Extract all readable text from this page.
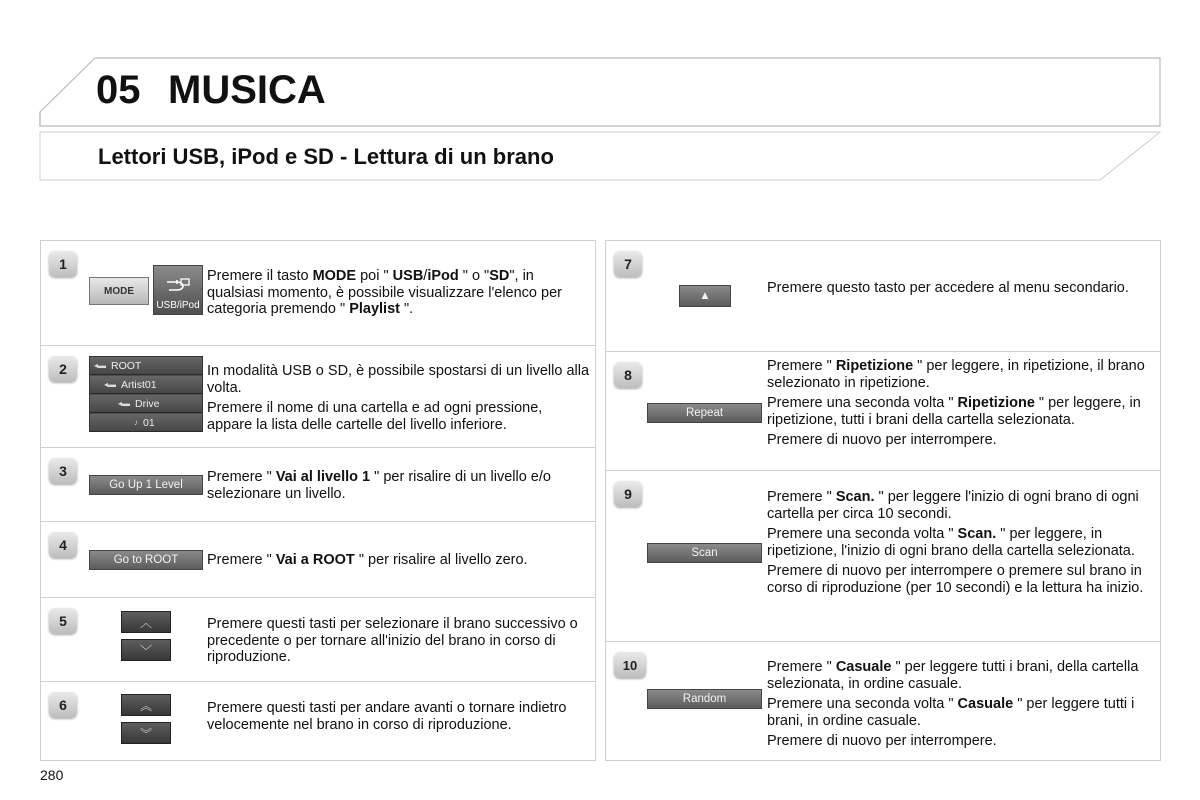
05 MUSICA
Lettori USB, iPod e SD - Lettura di un brano
1
MODE
USB/iPod

Premere il tasto MODE poi " USB/iPod " o "SD", in qualsiasi momento, è possibile visualizzare l'elenco per categoria premendo " Playlist ".

2	◂▬ ROOT
◂▬ Artist01
◂▬ Drive
♪ 01

In modalità USB o SD, è possibile spostarsi di un livello alla volta.

Premere il nome di una cartella e ad ogni pressione, appare la lista delle cartelle del livello inferiore.

3
Go Up 1 Level	Premere " Vai al livello 1 " per risalire di un livello e/o selezionare un livello.

4
Go to ROOT	Premere " Vai a ROOT " per risalire al livello zero.

5	︿
﹀

Premere questi tasti per selezionare il brano successivo o precedente o per tornare all'inizio del brano in corso di riproduzione.

6	︽
︾

Premere questi tasti per andare avanti o tornare indietro velocemente nel brano in corso di riproduzione.

7
▲	Premere questo tasto per accedere al menu secondario.

8
Repeat

Premere " Ripetizione " per leggere, in ripetizione, il brano selezionato in ripetizione.

Premere una seconda volta " Ripetizione " per leggere, in ripetizione, tutti i brani della cartella selezionata.

Premere di nuovo per interrompere.

9
Scan

Premere " Scan. " per leggere l'inizio di ogni brano di ogni cartella per circa 10 secondi.

Premere una seconda volta " Scan. " per leggere, in ripetizione, l'inizio di ogni brano della cartella selezionata.

Premere di nuovo per interrompere o premere sul brano in corso di riproduzione (per 10 secondi) e la lettura ha inizio.

10
Random

Premere " Casuale " per leggere tutti i brani, della cartella selezionata, in ordine casuale.

Premere una seconda volta " Casuale " per leggere tutti i brani, in ordine casuale.

Premere di nuovo per interrompere.

280
